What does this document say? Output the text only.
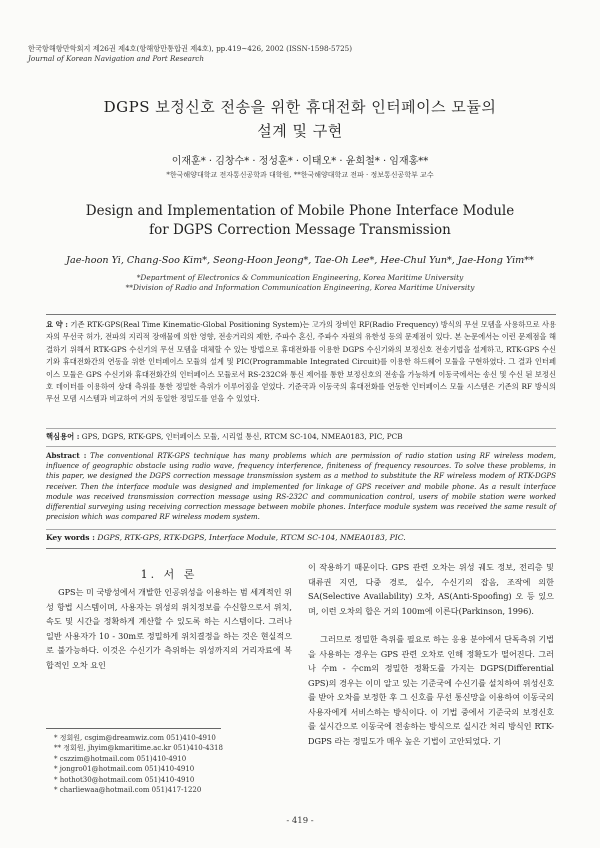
한국항해항만학회지 제26권 제4호(항해항만통합권 제4호), pp.419~426, 2002 (ISSN-1598-5725)
Journal of Korean Navigation and Port Research
DGPS 보정신호 전송을 위한 휴대전화 인터페이스 모듈의
설계 및 구현
이재훈* · 김창수* · 정성훈* · 이태오* · 윤희철* · 임재홍**
*한국해양대학교 전자통신공학과 대학원, **한국해양대학교 전파 · 정보통신공학부 교수
Design and Implementation of Mobile Phone Interface Module
for DGPS Correction Message Transmission
Jae-hoon Yi, Chang-Soo Kim*, Seong-Hoon Jeong*, Tae-Oh Lee*, Hee-Chul Yun*, Jae-Hong Yim**
*Department of Electronics & Communication Engineering, Korea Maritime University
**Division of Radio and Information Communication Engineering, Korea Maritime University
요 약 : 기존 RTK-GPS(Real Time Kinematic-Global Positioning System)는 고가의 장비인 RF(Radio Frequency) 방식의 무선 모뎀을 사용하므로 사용자의 무선국 허가, 전파의 지리적 장애물에 의한 영향, 전송거리의 제한, 주파수 혼신, 주파수 자원의 유한성 등의 문제점이 있다. 본 논문에서는 이런 문제점을 해결하기 위해서 RTK-GPS 수신기의 무선 모뎀을 대체할 수 있는 방법으로 휴대전화를 이용한 DGPS 수신기와의 보정신호 전송기법을 설계하고, RTK-GPS 수신기와 휴대전화간의 연동을 위한 인터페이스 모듈의 설계 및 PIC(Programmable Integrated Circuit)를 이용한 하드웨어 모듈을 구현하였다. 그 결과 인터페이스 모듈은 GPS 수신기와 휴대전화간의 인터페이스 모듈로서 RS-232C와 통신 제어를 통한 보정신호의 전송을 가능하게 이동국에서는 송신 및 수신 된 보정신호 데이터를 이용하여 상대 측위를 통한 정밀한 측위가 이루어짐을 얻었다. 기준국과 이동국의 휴대전화를 연동한 인터페이스 모듈 시스템은 기존의 RF 방식의 무선 모뎀 시스템과 비교하여 거의 동일한 정밀도를 얻을 수 있었다.
핵심용어 : GPS, DGPS, RTK-GPS, 인터페이스 모듈, 시리얼 통신, RTCM SC-104, NMEA0183, PIC, PCB
Abstract : The conventional RTK-GPS technique has many problems which are permission of radio station using RF wireless modem, influence of geographic obstacle using radio wave, frequency interference, finiteness of frequency resources. To solve these problems, in this paper, we designed the DGPS correction message transmission system as a method to substitute the RF wireless modem of RTK-DGPS receiver. Then the interface module was designed and implemented for linkage of GPS receiver and mobile phone. As a result interface module was received transmission correction message using RS-232C and communication control, users of mobile station were worked differential surveying using receiving correction message between mobile phones. Interface module system was received the same result of precision which was compared RF wireless modem system.
Key words : DGPS, RTK-GPS, RTK-DGPS, Interface Module, RTCM SC-104, NMEA0183, PIC.
1. 서 론

GPS는 미 국방성에서 개발한 인공위성을 이용하는 범 세계적인 위성 항법 시스템이며, 사용자는 위성의 위치정보를 수신함으로서 위치, 속도 및 시간을 정확하게 계산할 수 있도록 하는 시스템이다. 그러나 일반 사용자가 10 - 30m로 정밀하게 위치결정을 하는 것은 현실적으로 불가능하다. 이것은 수신기가 측위하는 위성까지의 거리자료에 복합적인 오차 요인

* 정회원, csgim@dreamwiz.com 051)410-4910
** 정회원, jhyim@kmaritime.ac.kr 051)410-4318
* cszzim@hotmail.com 051)410-4910
* jongro01@hotmail.com 051)410-4910
* hothot30@hotmail.com 051)410-4910
* charliewaa@hotmail.com 051)417-1220

이 작용하기 때문이다. GPS 관련 오차는 위성 궤도 정보, 전리층 및 대류권 지연, 다중 경로, 실수, 수신기의 잡음, 조작에 의한 SA(Selective Availability) 오차, AS(Anti-Spoofing) 오 등 있으며, 이런 오차의 합은 거의 100m에 이른다(Parkinson, 1996).

그러므로 정밀한 측위를 필요로 하는 응용 분야에서 단독측위 기법을 사용하는 경우는 GPS 관련 오차로 인해 정확도가 떨어진다. 그러나 수m - 수cm의 정밀한 정확도를 가지는 DGPS(Differential GPS)의 경우는 이미 알고 있는 기준국에 수신기를 설치하여 위성신호를 받아 오차를 보정한 후 그 신호를 무선 통신망을 이용하여 이동국의 사용자에게 서비스하는 방식이다. 이 기법 중에서 기준국의 보정신호를 실시간으로 이동국에 전송하는 방식으로 실시간 처리 방식인 RTK-DGPS 라는 정밀도가 매우 높은 기법이 고안되었다. 기

- 419 -
